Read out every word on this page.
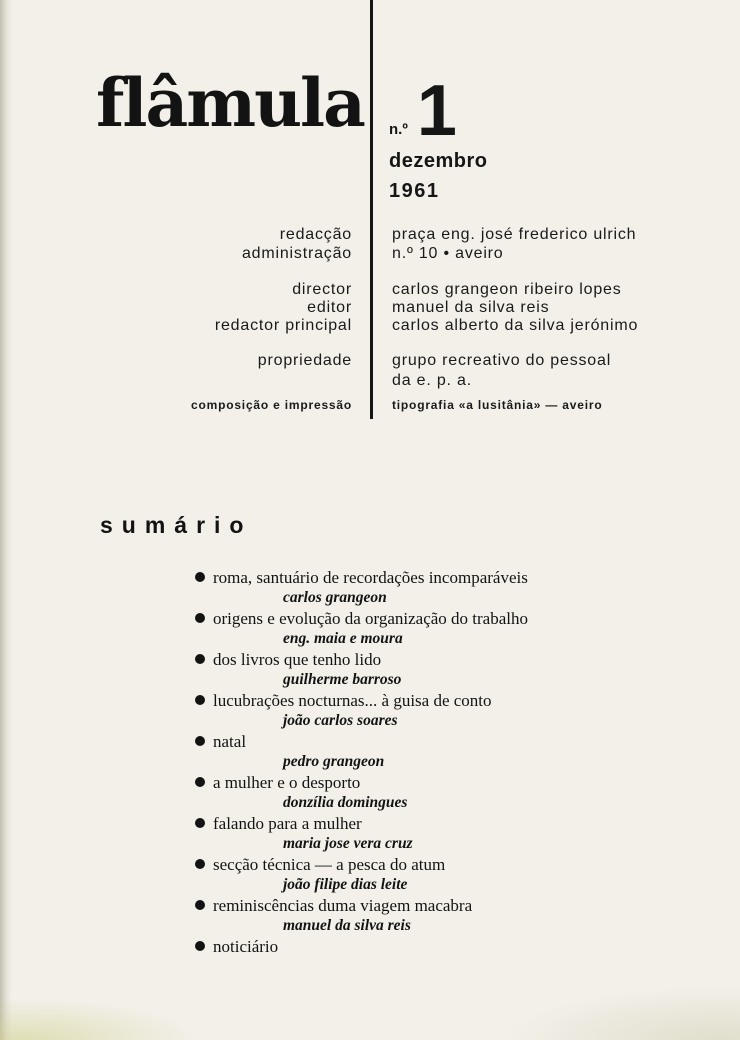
flâmula n.º 1
dezembro
1961
redacção
administração
praça eng. josé frederico ulrich
n.º 10 • aveiro
director
editor
redactor principal
carlos grangeon ribeiro lopes
manuel da silva reis
carlos alberto da silva jerónimo
propriedade	grupo recreativo do pessoal
da e. p. a.
composição e impressão	tipografia «a lusitânia» — aveiro
sumário
roma, santuário de recordações incomparáveis
carlos grangeon
origens e evolução da organização do trabalho
eng. maia e moura
dos livros que tenho lido
guilherme barroso
lucubrações nocturnas... à guisa de conto
joão carlos soares
natal
pedro grangeon
a mulher e o desporto
donzília domingues
falando para a mulher
maria jose vera cruz
secção técnica — a pesca do atum
joão filipe dias leite
reminiscências duma viagem macabra
manuel da silva reis
noticiário
